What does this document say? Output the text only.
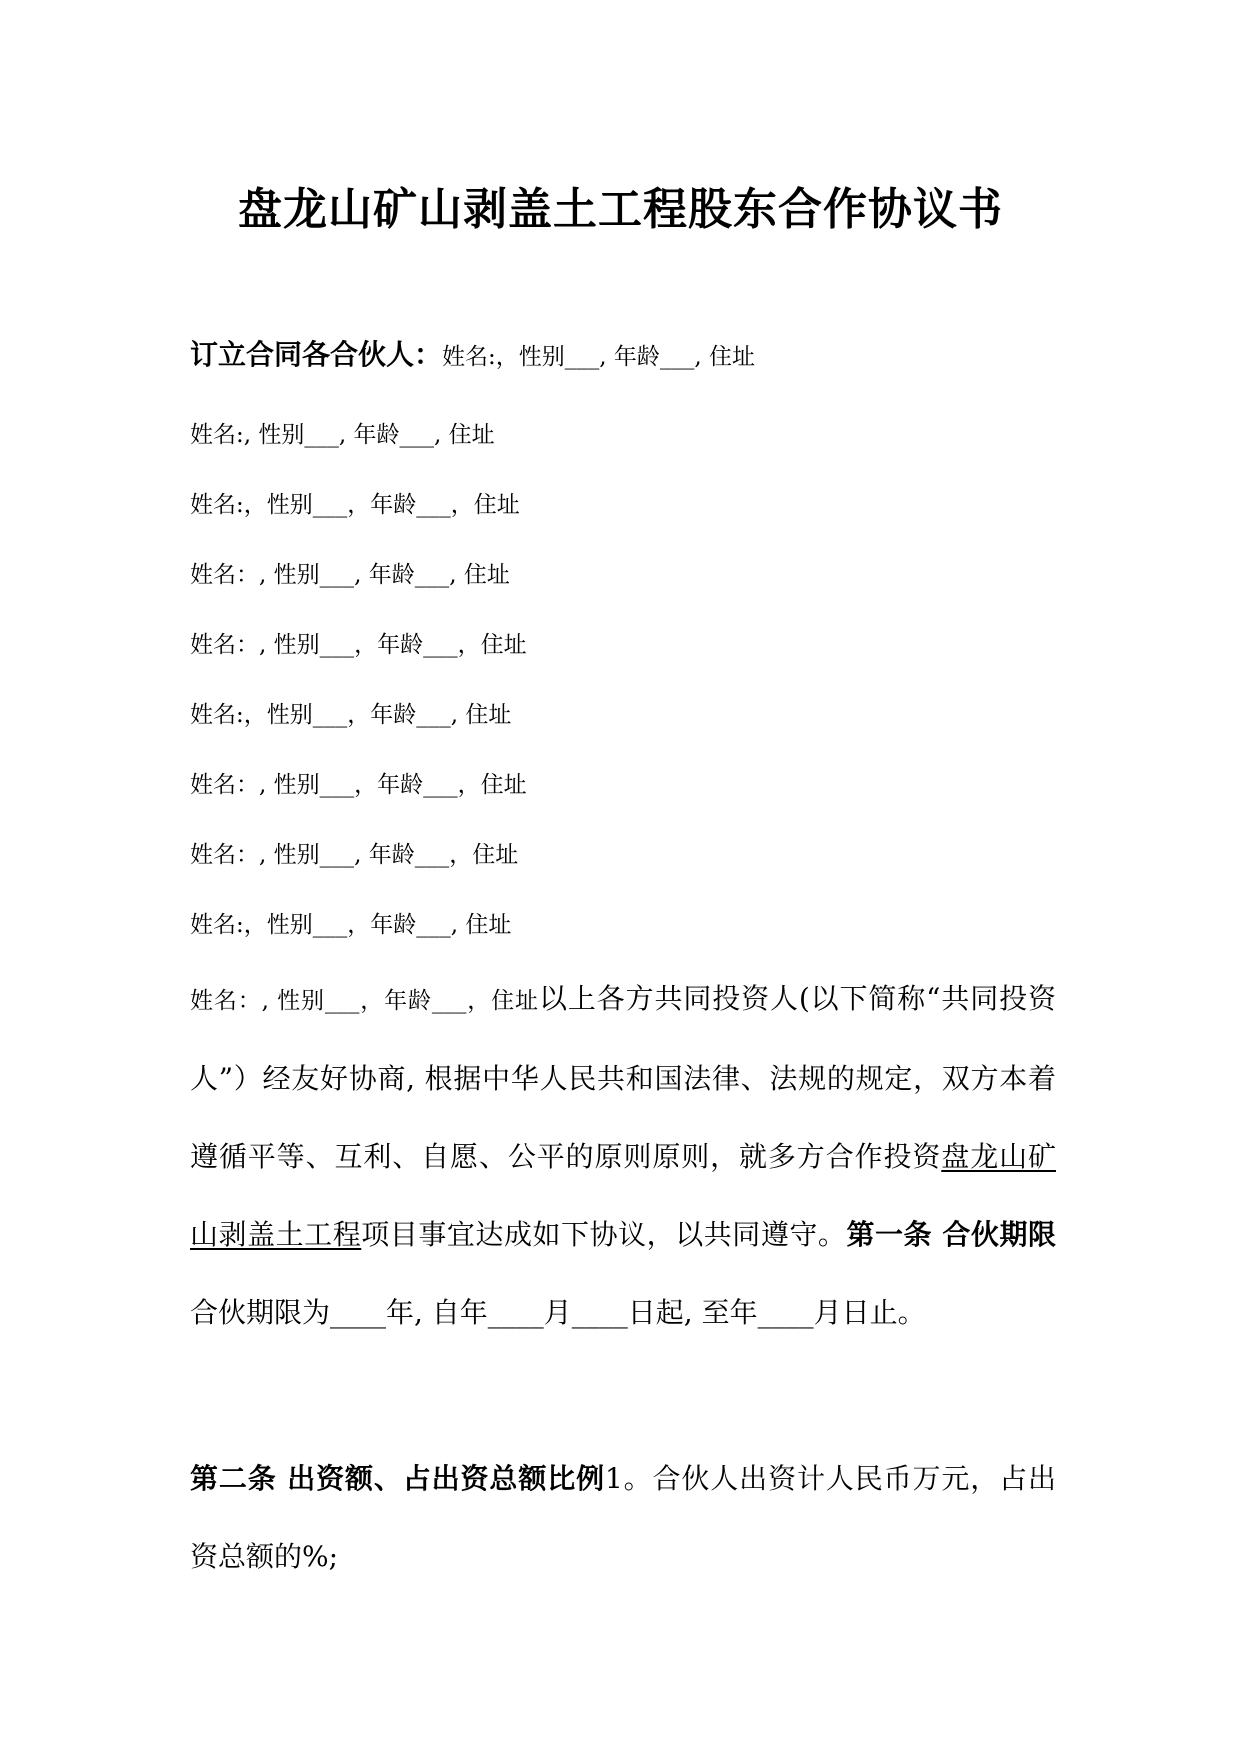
盘龙山矿山剥盖土工程股东合作协议书

订立合同各合伙人：姓名:，性别___, 年龄___, 住址

姓名:, 性别___, 年龄___, 住址

姓名:，性别___，年龄___，住址

姓名：, 性别___, 年龄___, 住址

姓名：, 性别___，年龄___，住址

姓名:，性别___，年龄___, 住址

姓名：, 性别___，年龄___，住址

姓名：, 性别___, 年龄___，住址

姓名:，性别___，年龄___, 住址

姓名：, 性别___，年龄___，住址以上各方共同投资人(以下简称“共同投资人”）经友好协商, 根据中华人民共和国法律、法规的规定，双方本着遵循平等、互利、自愿、公平的原则原则，就多方合作投资盘龙山矿山剥盖土工程项目事宜达成如下协议，以共同遵守。第一条 合伙期限合伙期限为____年, 自年____月____日起, 至年____月日止。

第二条 出资额、占出资总额比例1。合伙人出资计人民币万元，占出资总额的%;
